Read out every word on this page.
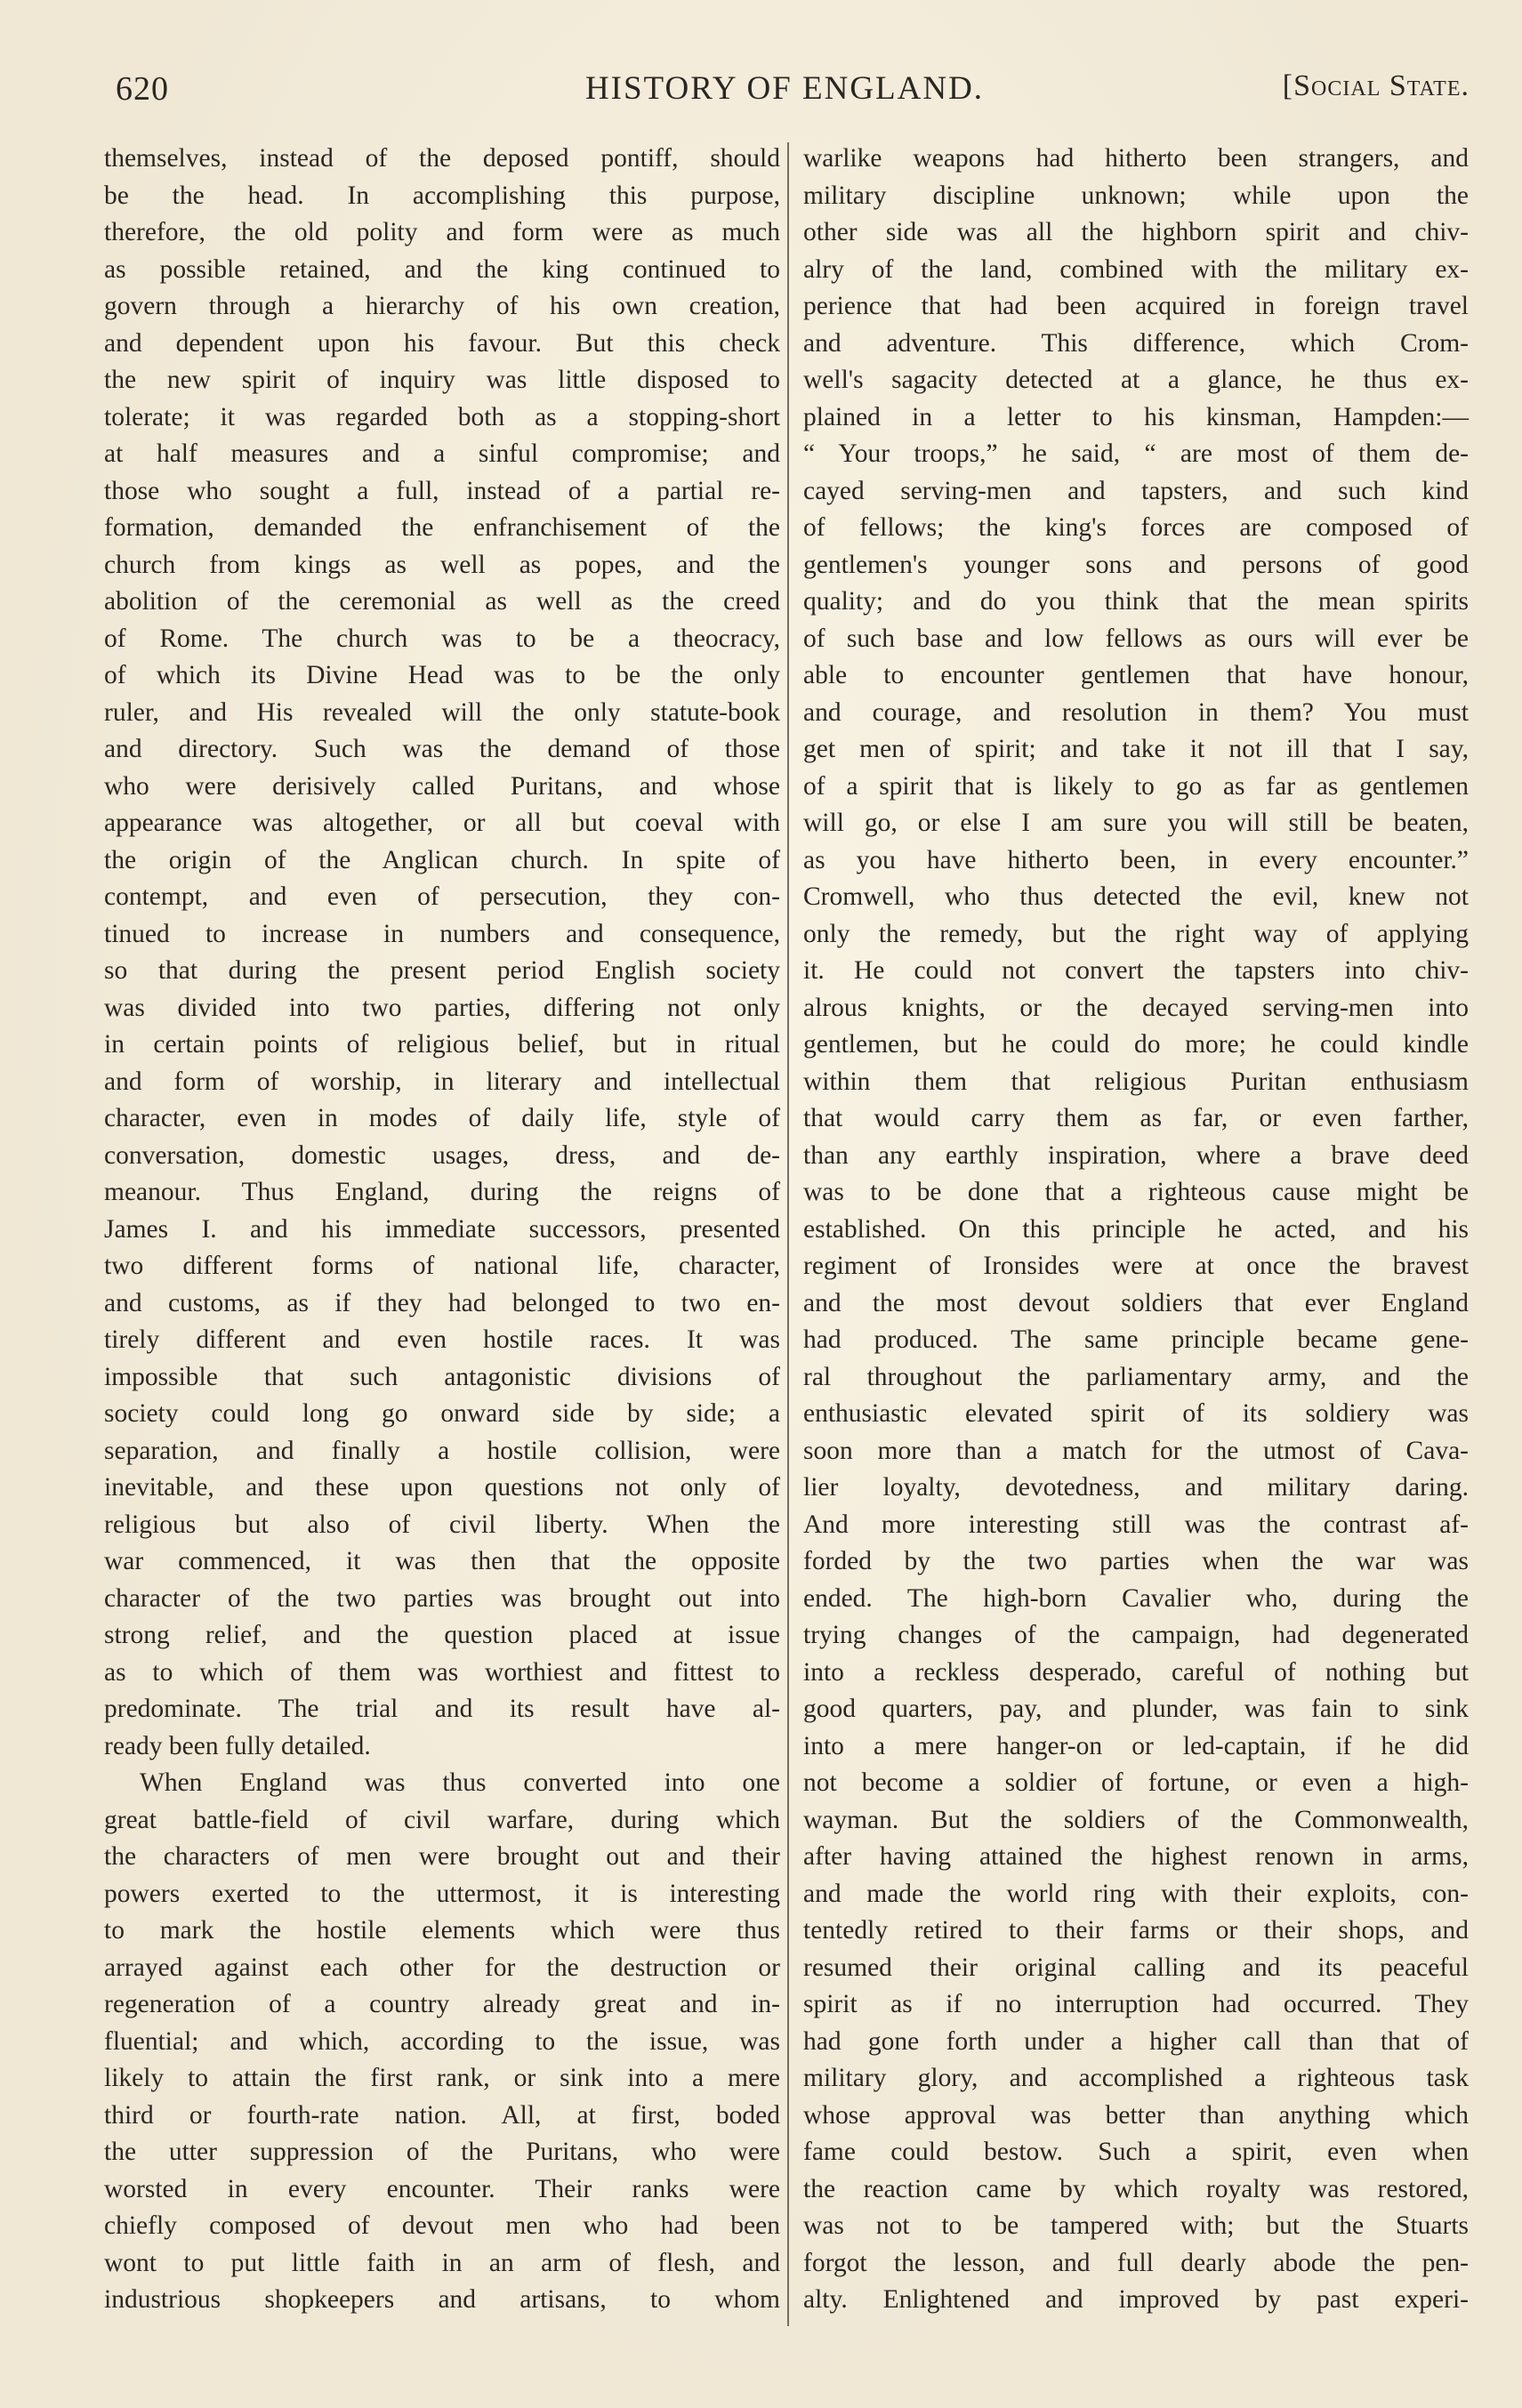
620	HISTORY OF ENGLAND.	[Social State.
themselves, instead of the deposed pontiff, should
be the head. In accomplishing this purpose,
therefore, the old polity and form were as much
as possible retained, and the king continued to
govern through a hierarchy of his own creation,
and dependent upon his favour. But this check
the new spirit of inquiry was little disposed to
tolerate; it was regarded both as a stopping-short
at half measures and a sinful compromise; and
those who sought a full, instead of a partial re-
formation, demanded the enfranchisement of the
church from kings as well as popes, and the
abolition of the ceremonial as well as the creed
of Rome. The church was to be a theocracy,
of which its Divine Head was to be the only
ruler, and His revealed will the only statute-book
and directory. Such was the demand of those
who were derisively called Puritans, and whose
appearance was altogether, or all but coeval with
the origin of the Anglican church. In spite of
contempt, and even of persecution, they con-
tinued to increase in numbers and consequence,
so that during the present period English society
was divided into two parties, differing not only
in certain points of religious belief, but in ritual
and form of worship, in literary and intellectual
character, even in modes of daily life, style of
conversation, domestic usages, dress, and de-
meanour. Thus England, during the reigns of
James I. and his immediate successors, presented
two different forms of national life, character,
and customs, as if they had belonged to two en-
tirely different and even hostile races. It was
impossible that such antagonistic divisions of
society could long go onward side by side; a
separation, and finally a hostile collision, were
inevitable, and these upon questions not only of
religious but also of civil liberty. When the
war commenced, it was then that the opposite
character of the two parties was brought out into
strong relief, and the question placed at issue
as to which of them was worthiest and fittest to
predominate. The trial and its result have al-
ready been fully detailed.
When England was thus converted into one
great battle-field of civil warfare, during which
the characters of men were brought out and their
powers exerted to the uttermost, it is interesting
to mark the hostile elements which were thus
arrayed against each other for the destruction or
regeneration of a country already great and in-
fluential; and which, according to the issue, was
likely to attain the first rank, or sink into a mere
third or fourth-rate nation. All, at first, boded
the utter suppression of the Puritans, who were
worsted in every encounter. Their ranks were
chiefly composed of devout men who had been
wont to put little faith in an arm of flesh, and
industrious shopkeepers and artisans, to whom
warlike weapons had hitherto been strangers, and
military discipline unknown; while upon the
other side was all the highborn spirit and chiv-
alry of the land, combined with the military ex-
perience that had been acquired in foreign travel
and adventure. This difference, which Crom-
well's sagacity detected at a glance, he thus ex-
plained in a letter to his kinsman, Hampden:—
“ Your troops,” he said, “ are most of them de-
cayed serving-men and tapsters, and such kind
of fellows; the king's forces are composed of
gentlemen's younger sons and persons of good
quality; and do you think that the mean spirits
of such base and low fellows as ours will ever be
able to encounter gentlemen that have honour,
and courage, and resolution in them? You must
get men of spirit; and take it not ill that I say,
of a spirit that is likely to go as far as gentlemen
will go, or else I am sure you will still be beaten,
as you have hitherto been, in every encounter.”
Cromwell, who thus detected the evil, knew not
only the remedy, but the right way of applying
it. He could not convert the tapsters into chiv-
alrous knights, or the decayed serving-men into
gentlemen, but he could do more; he could kindle
within them that religious Puritan enthusiasm
that would carry them as far, or even farther,
than any earthly inspiration, where a brave deed
was to be done that a righteous cause might be
established. On this principle he acted, and his
regiment of Ironsides were at once the bravest
and the most devout soldiers that ever England
had produced. The same principle became gene-
ral throughout the parliamentary army, and the
enthusiastic elevated spirit of its soldiery was
soon more than a match for the utmost of Cava-
lier loyalty, devotedness, and military daring.
And more interesting still was the contrast af-
forded by the two parties when the war was
ended. The high-born Cavalier who, during the
trying changes of the campaign, had degenerated
into a reckless desperado, careful of nothing but
good quarters, pay, and plunder, was fain to sink
into a mere hanger-on or led-captain, if he did
not become a soldier of fortune, or even a high-
wayman. But the soldiers of the Commonwealth,
after having attained the highest renown in arms,
and made the world ring with their exploits, con-
tentedly retired to their farms or their shops, and
resumed their original calling and its peaceful
spirit as if no interruption had occurred. They
had gone forth under a higher call than that of
military glory, and accomplished a righteous task
whose approval was better than anything which
fame could bestow. Such a spirit, even when
the reaction came by which royalty was restored,
was not to be tampered with; but the Stuarts
forgot the lesson, and full dearly abode the pen-
alty. Enlightened and improved by past experi-
